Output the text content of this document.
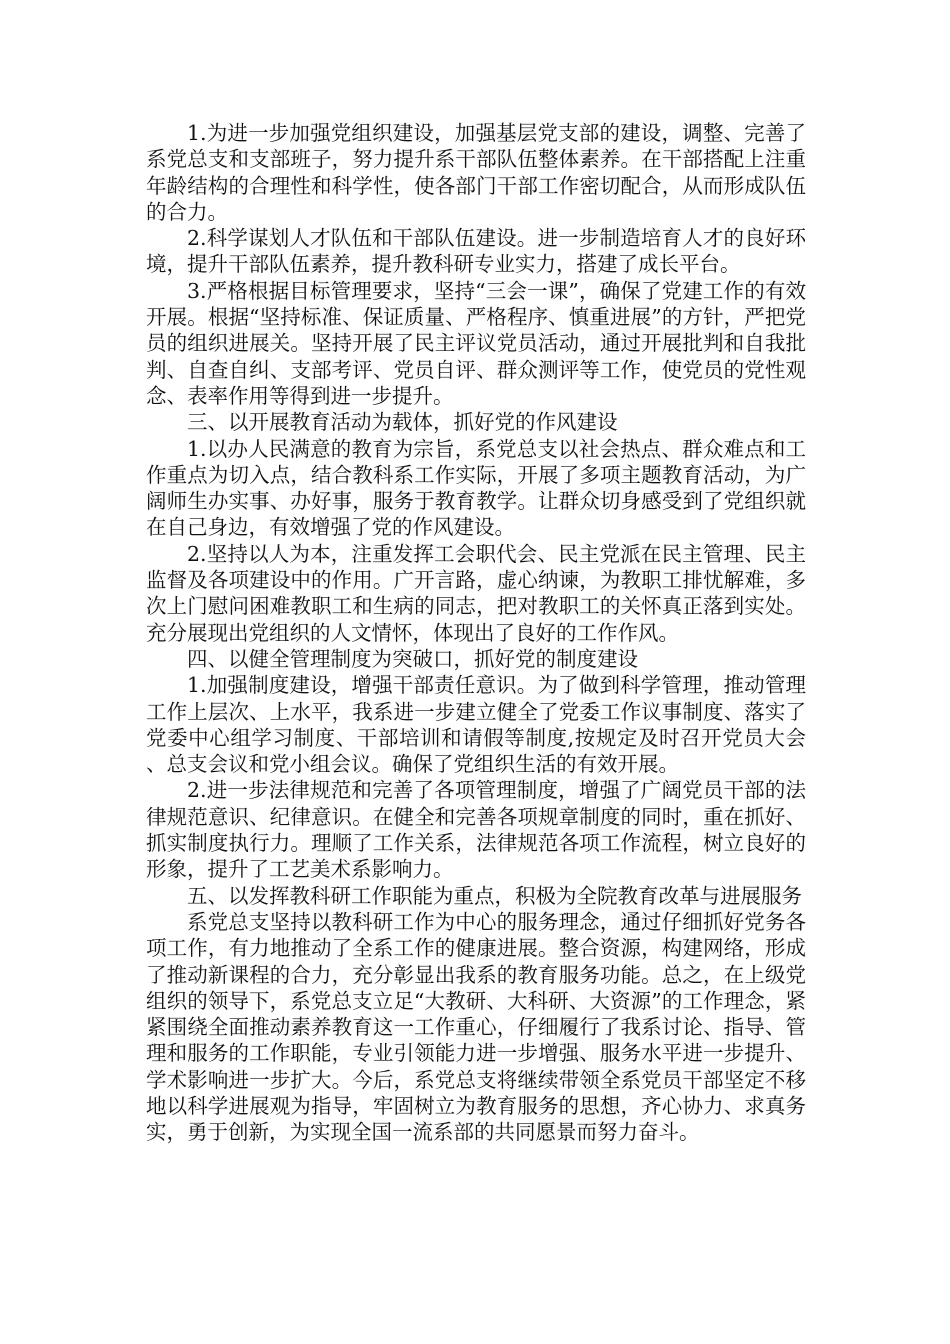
1.为进一步加强党组织建设，加强基层党支部的建设，调整、完善了系党总支和支部班子，努力提升系干部队伍整体素养。在干部搭配上注重年龄结构的合理性和科学性，使各部门干部工作密切配合，从而形成队伍的合力。

2.科学谋划人才队伍和干部队伍建设。进一步制造培育人才的良好环境，提升干部队伍素养，提升教科研专业实力，搭建了成长平台。

3.严格根据目标管理要求，坚持“三会一课”，确保了党建工作的有效开展。根据“坚持标准、保证质量、严格程序、慎重进展”的方针，严把党员的组织进展关。坚持开展了民主评议党员活动，通过开展批判和自我批判、自查自纠、支部考评、党员自评、群众测评等工作，使党员的党性观念、表率作用等得到进一步提升。

三、以开展教育活动为载体，抓好党的作风建设

1.以办人民满意的教育为宗旨，系党总支以社会热点、群众难点和工作重点为切入点，结合教科系工作实际，开展了多项主题教育活动，为广阔师生办实事、办好事，服务于教育教学。让群众切身感受到了党组织就在自己身边，有效增强了党的作风建设。

2.坚持以人为本，注重发挥工会职代会、民主党派在民主管理、民主监督及各项建设中的作用。广开言路，虚心纳谏，为教职工排忧解难，多次上门慰问困难教职工和生病的同志，把对教职工的关怀真正落到实处。充分展现出党组织的人文情怀，体现出了良好的工作作风。

四、以健全管理制度为突破口，抓好党的制度建设

1.加强制度建设，增强干部责任意识。为了做到科学管理，推动管理工作上层次、上水平，我系进一步建立健全了党委工作议事制度、落实了党委中心组学习制度、干部培训和请假等制度,按规定及时召开党员大会、总支会议和党小组会议。确保了党组织生活的有效开展。

2.进一步法律规范和完善了各项管理制度，增强了广阔党员干部的法律规范意识、纪律意识。在健全和完善各项规章制度的同时，重在抓好、抓实制度执行力。理顺了工作关系，法律规范各项工作流程，树立良好的形象，提升了工艺美术系影响力。

五、以发挥教科研工作职能为重点，积极为全院教育改革与进展服务

系党总支坚持以教科研工作为中心的服务理念，通过仔细抓好党务各项工作，有力地推动了全系工作的健康进展。整合资源，构建网络，形成了推动新课程的合力，充分彰显出我系的教育服务功能。总之，在上级党组织的领导下，系党总支立足“大教研、大科研、大资源”的工作理念，紧紧围绕全面推动素养教育这一工作重心，仔细履行了我系讨论、指导、管理和服务的工作职能，专业引领能力进一步增强、服务水平进一步提升、学术影响进一步扩大。今后，系党总支将继续带领全系党员干部坚定不移地以科学进展观为指导，牢固树立为教育服务的思想，齐心协力、求真务实，勇于创新，为实现全国一流系部的共同愿景而努力奋斗。
